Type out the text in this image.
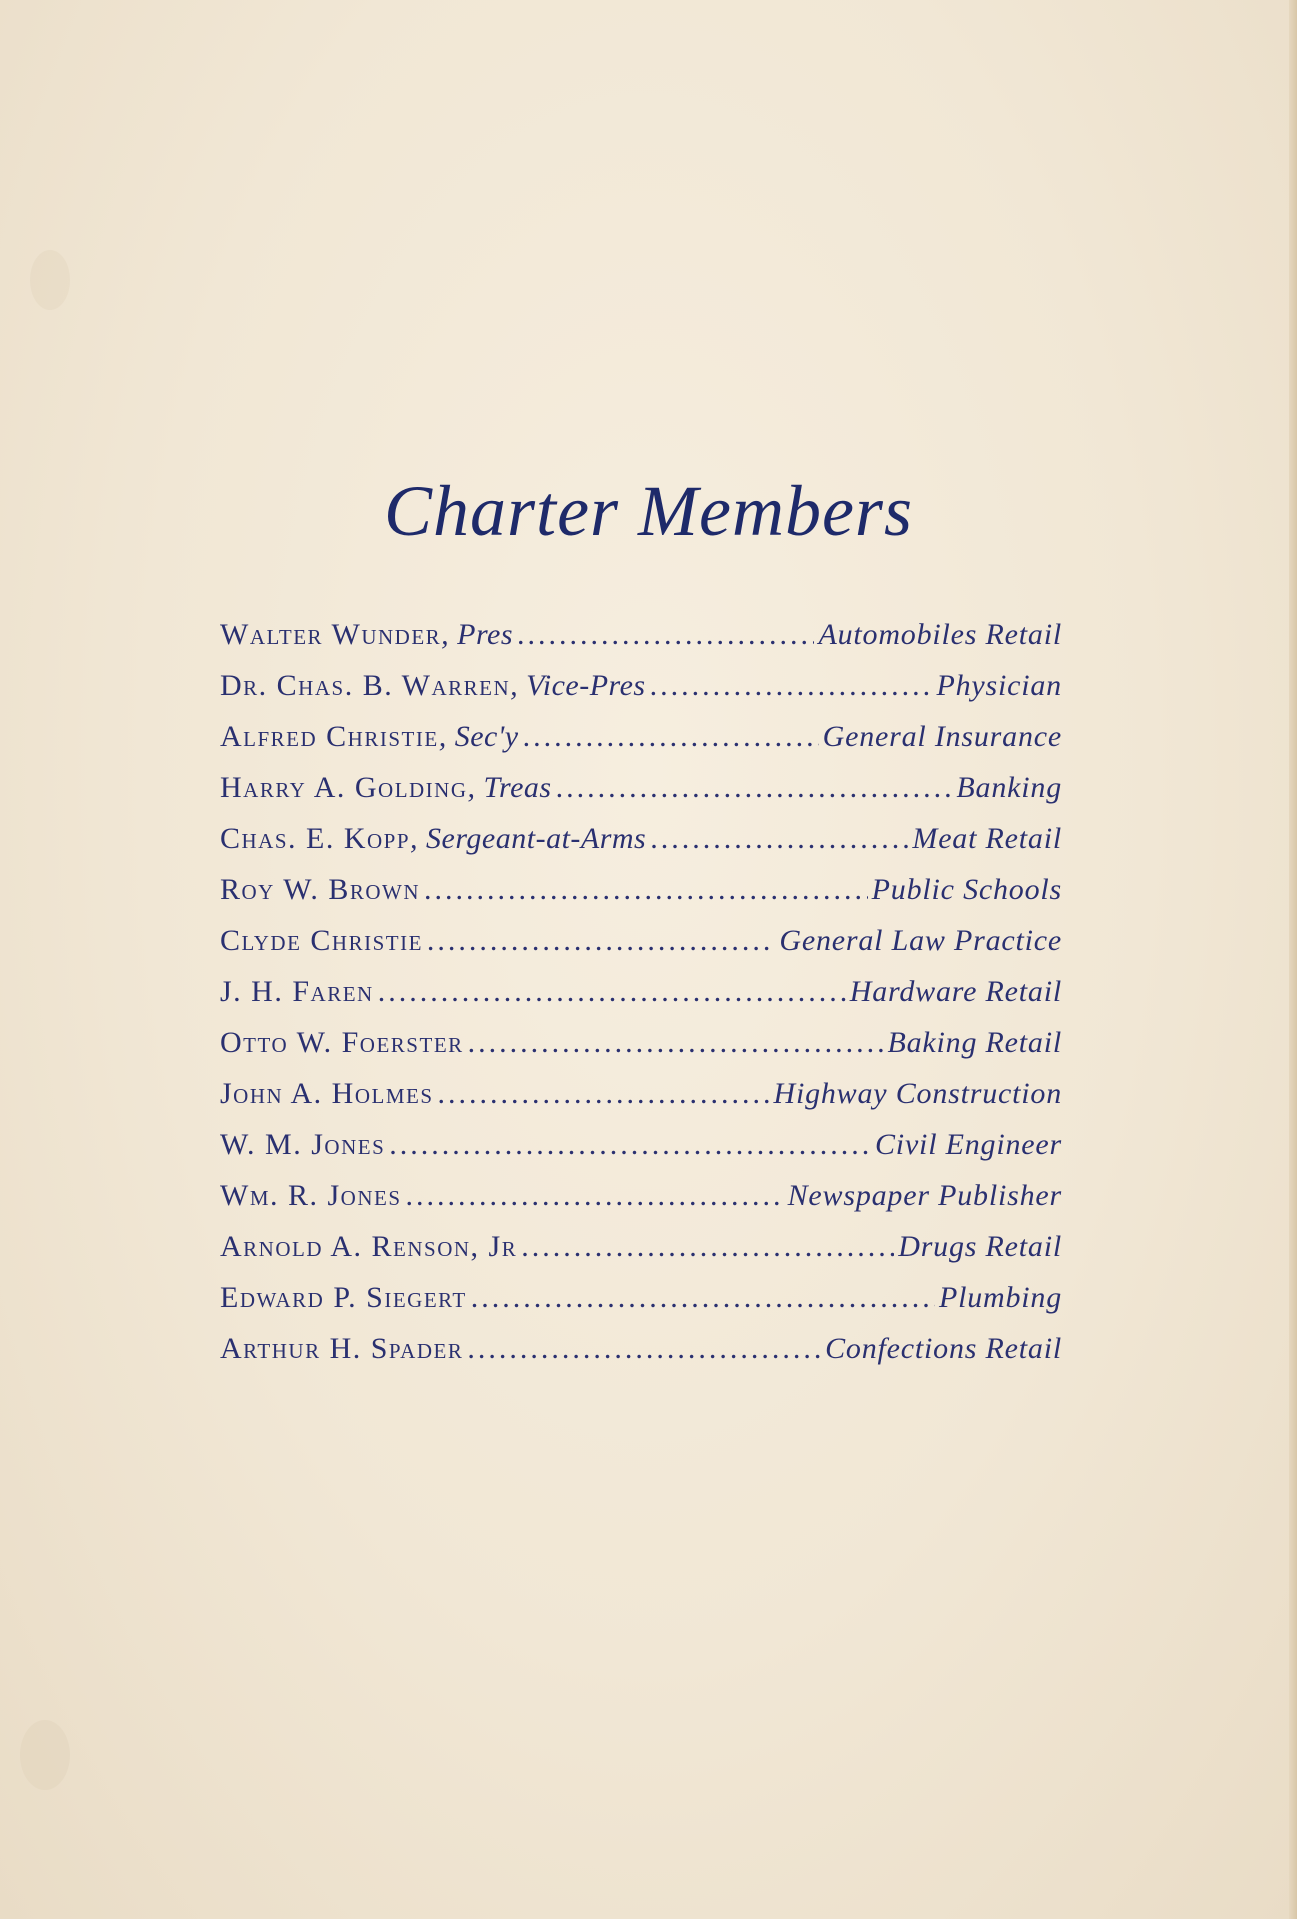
Charter Members
Walter Wunder , Pres .....	Automobiles Retail
Dr. Chas. B. Warren , Vice-Pres .....	Physician
Alfred Christie , Sec'y .....	General Insurance
Harry A. Golding , Treas .....	Banking
Chas. E. Kopp , Sergeant-at-Arms .....	Meat Retail
Roy W. Brown .....	Public Schools
Clyde Christie .....	General Law Practice
J. H. Faren .....	Hardware Retail
Otto W. Foerster .....	Baking Retail
John A. Holmes .....	Highway Construction
W. M. Jones .....	Civil Engineer
Wm. R. Jones .....	Newspaper Publisher
Arnold A. Renson, Jr .....	Drugs Retail
Edward P. Siegert .....	Plumbing
Arthur H. Spader .....	Confections Retail
